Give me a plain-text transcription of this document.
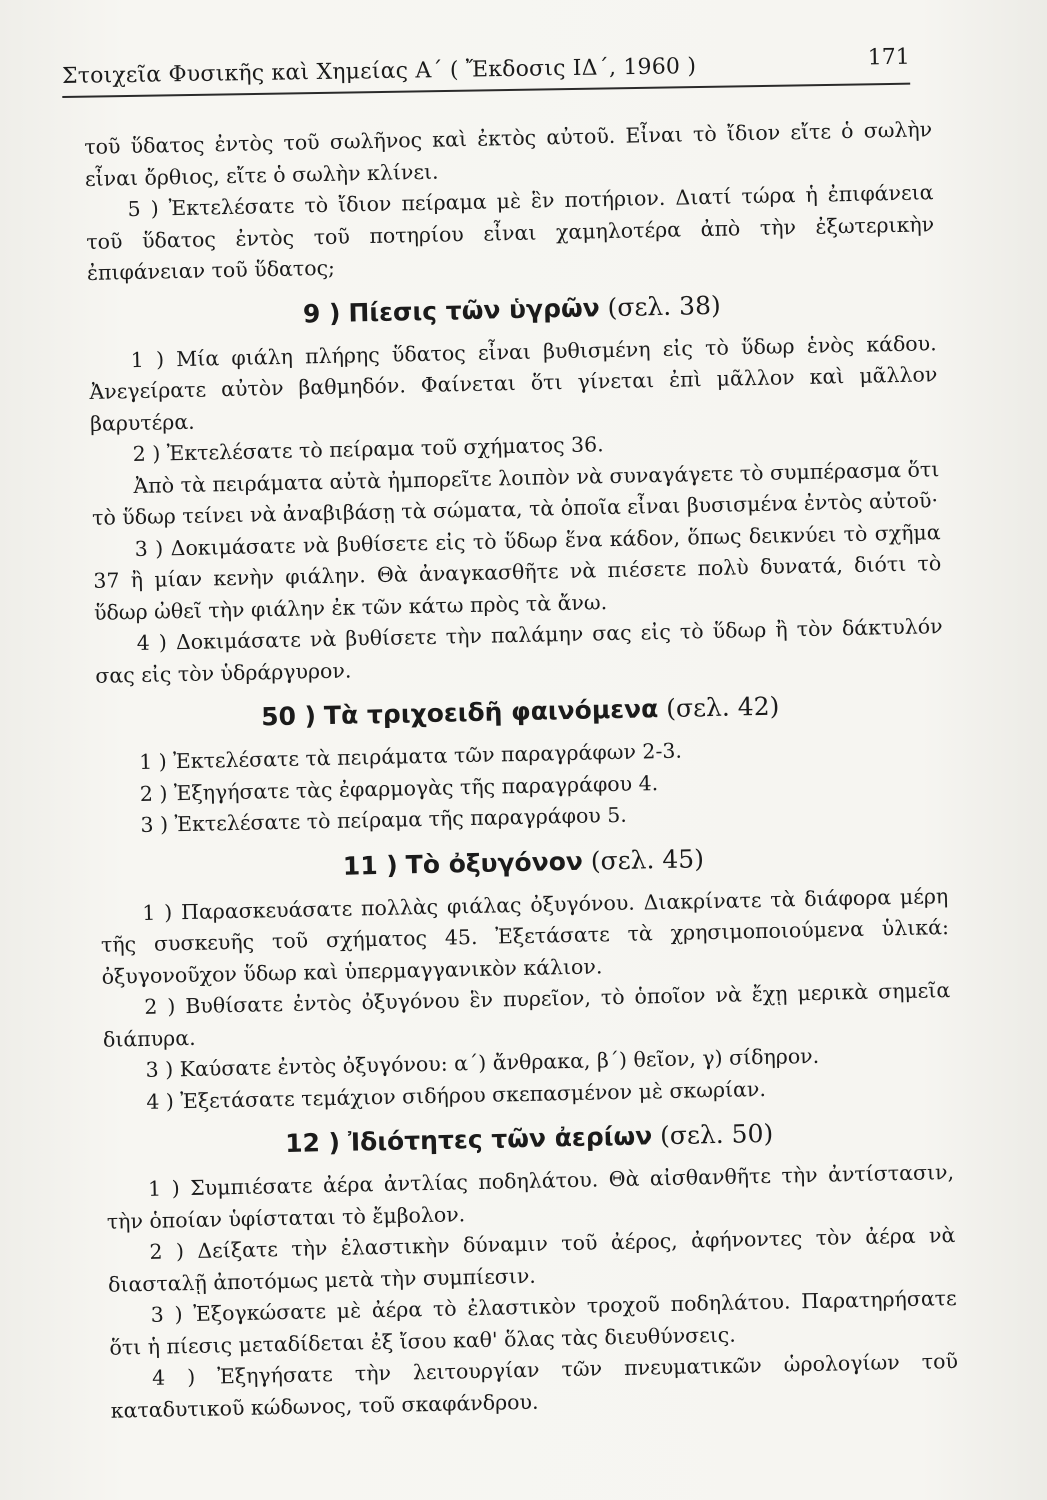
Στοιχεῖα Φυσικῆς καὶ Χημείας Α΄ ( Ἔκδοσις ΙΔ΄, 1960 )	171

τοῦ ὕδατος ἐντὸς τοῦ σωλῆνος καὶ ἐκτὸς αὐτοῦ. Εἶναι τὸ ἴδιον εἴτε ὁ σωλὴν εἶναι ὄρθιος, εἴτε ὁ σωλὴν κλίνει.

5 ) Ἐκτελέσατε τὸ ἴδιον πείραμα μὲ ἓν ποτήριον. Διατί τώρα ἡ ἐπιφάνεια τοῦ ὕδατος ἐντὸς τοῦ ποτηρίου εἶναι χαμηλοτέρα ἀπὸ τὴν ἐξωτερικὴν ἐπιφάνειαν τοῦ ὕδατος;

9 ) Πίεσις τῶν ὑγρῶν (σελ. 38)

1 ) Μία φιάλη πλήρης ὕδατος εἶναι βυθισμένη εἰς τὸ ὕδωρ ἑνὸς κάδου. Ἀνεγείρατε αὐτὸν βαθμηδόν. Φαίνεται ὅτι γίνεται ἐπὶ μᾶλλον καὶ μᾶλλον βαρυτέρα.

2 ) Ἐκτελέσατε τὸ πείραμα τοῦ σχήματος 36.

Ἀπὸ τὰ πειράματα αὐτὰ ἠμπορεῖτε λοιπὸν νὰ συναγάγετε τὸ συμπέρασμα ὅτι τὸ ὕδωρ τείνει νὰ ἀναβιβάσῃ τὰ σώματα, τὰ ὁποῖα εἶναι βυσισμένα ἐντὸς αὐτοῦ·

3 ) Δοκιμάσατε νὰ βυθίσετε εἰς τὸ ὕδωρ ἕνα κάδον, ὅπως δεικνύει τὸ σχῆμα 37 ἢ μίαν κενὴν φιάλην. Θὰ ἀναγκασθῆτε νὰ πιέσετε πολὺ δυνατά, διότι τὸ ὕδωρ ὠθεῖ τὴν φιάλην ἐκ τῶν κάτω πρὸς τὰ ἄνω.

4 ) Δοκιμάσατε νὰ βυθίσετε τὴν παλάμην σας εἰς τὸ ὕδωρ ἢ τὸν δάκτυλόν σας εἰς τὸν ὑδράργυρον.

50 ) Τὰ τριχοειδῆ φαινόμενα (σελ. 42)

1 ) Ἐκτελέσατε τὰ πειράματα τῶν παραγράφων 2-3.

2 ) Ἐξηγήσατε τὰς ἐφαρμογὰς τῆς παραγράφου 4.

3 ) Ἐκτελέσατε τὸ πείραμα τῆς παραγράφου 5.

11 ) Τὸ ὀξυγόνον (σελ. 45)

1 ) Παρασκευάσατε πολλὰς φιάλας ὀξυγόνου. Διακρίνατε τὰ διάφορα μέρη τῆς συσκευῆς τοῦ σχήματος 45. Ἐξετάσατε τὰ χρησιμοποιούμενα ὑλικά: ὀξυγονοῦχον ὕδωρ καὶ ὑπερμαγγανικὸν κάλιον.

2 ) Βυθίσατε ἐντὸς ὀξυγόνου ἓν πυρεῖον, τὸ ὁποῖον νὰ ἔχῃ μερικὰ σημεῖα διάπυρα.

3 ) Καύσατε ἐντὸς ὀξυγόνου: α΄) ἄνθρακα, β΄) θεῖον, γ) σίδηρον.

4 ) Ἐξετάσατε τεμάχιον σιδήρου σκεπασμένον μὲ σκωρίαν.

12 ) Ἰδιότητες τῶν ἀερίων (σελ. 50)

1 ) Συμπιέσατε ἀέρα ἀντλίας ποδηλάτου. Θὰ αἰσθανθῆτε τὴν ἀντίστασιν, τὴν ὁποίαν ὑφίσταται τὸ ἔμβολον.

2 ) Δείξατε τὴν ἐλαστικὴν δύναμιν τοῦ ἀέρος, ἀφήνοντες τὸν ἀέρα νὰ διασταλῇ ἀποτόμως μετὰ τὴν συμπίεσιν.

3 ) Ἐξογκώσατε μὲ ἀέρα τὸ ἐλαστικὸν τροχοῦ ποδηλάτου. Παρατηρήσατε ὅτι ἡ πίεσις μεταδίδεται ἐξ ἴσου καθ' ὅλας τὰς διευθύνσεις.

4 ) Ἐξηγήσατε τὴν λειτουργίαν τῶν πνευματικῶν ὡρολογίων τοῦ καταδυτικοῦ κώδωνος, τοῦ σκαφάνδρου.
